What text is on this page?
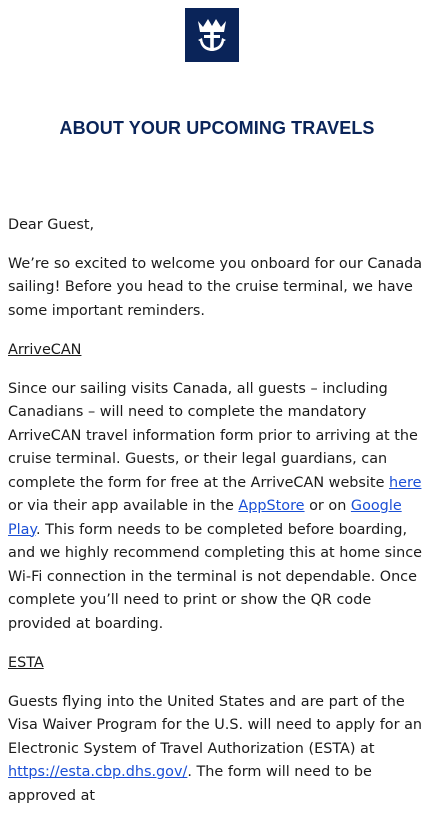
ABOUT YOUR UPCOMING TRAVELS

Dear Guest,

We’re so excited to welcome you onboard for our Canada sailing! Before you head to the cruise terminal, we have some important reminders.

ArriveCAN

Since our sailing visits Canada, all guests – including Canadians – will need to complete the mandatory ArriveCAN travel information form prior to arriving at the cruise terminal. Guests, or their legal guardians, can complete the form for free at the ArriveCAN website here or via their app available in the AppStore or on Google Play. This form needs to be completed before boarding, and we highly recommend completing this at home since Wi-Fi connection in the terminal is not dependable. Once complete you’ll need to print or show the QR code provided at boarding.

ESTA

Guests flying into the United States and are part of the Visa Waiver Program for the U.S. will need to apply for an Electronic System of Travel Authorization (ESTA) at https://esta.cbp.dhs.gov/. The form will need to be approved at
